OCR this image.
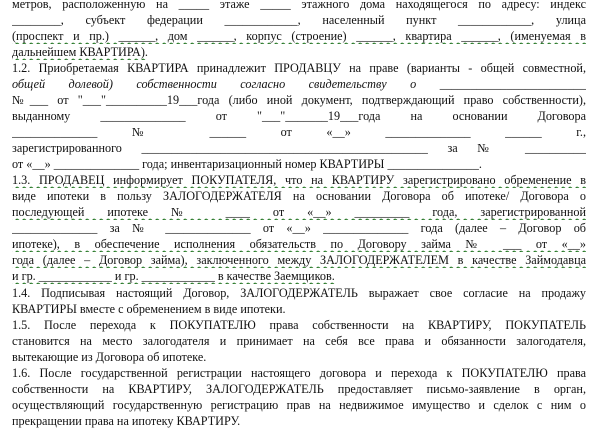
метров, расположенную на _____ этаже _____ этажного дома находящегося по адресу: индекс
________, субъект федерации ____________, населенный пункт ____________, улица
(проспект и пр.) ______, дом ______, корпус (строение) ______, квартира ______, (именуемая в
дальнейшем КВАРТИРА).
1.2. Приобретаемая КВАРТИРА принадлежит ПРОДАВЦУ на праве (варианты - общей совместной,
общей долевой) собственности согласно свидетельству о ________________________
№___ от "___"__________19___года (либо иной документ, подтверждающий право собственности),
выданному ______________ от "___"_______19___года на основании Договора
______________ № ______ от «__» ______________ ______ г.,
зарегистрированного _______________________________________________ за № __________
от «__» ______________ года; инвентаризационный номер КВАРТИРЫ _______________.
1.3. ПРОДАВЕЦ информирует ПОКУПАТЕЛЯ, что на КВАРТИРУ зарегистрировано обременение в
виде ипотеки в пользу ЗАЛОГОДЕРЖАТЕЛЯ на основании Договора об ипотеке/ Договора о
последующей ипотеке № ____ от «__» _________ года, зарегистрированной
______________ за № ______________ от «__» ______________ года (далее – Договор об
ипотеке), в обеспечение исполнения обязательств по Договору займа № ___ от «__»
года (далее – Договор займа), заключенного между ЗАЛОГОДЕРЖАТЕЛЕМ в качестве Займодавца
и гр. ____________ и гр. ____________ в качестве Заемщиков.
1.4. Подписывая настоящий Договор, ЗАЛОГОДЕРЖАТЕЛЬ выражает свое согласие на продажу
КВАРТИРЫ вместе с обременением в виде ипотеки.
1.5. После перехода к ПОКУПАТЕЛЮ права собственности на КВАРТИРУ, ПОКУПАТЕЛЬ
становится на место залогодателя и принимает на себя все права и обязанности залогодателя,
вытекающие из Договора об ипотеке.
1.6. После государственной регистрации настоящего договора и перехода к ПОКУПАТЕЛЮ права
собственности на КВАРТИРУ, ЗАЛОГОДЕРЖАТЕЛЬ предоставляет письмо-заявление в орган,
осуществляющий государственную регистрацию прав на недвижимое имущество и сделок с ним о
прекращении права на ипотеку КВАРТИРУ.
